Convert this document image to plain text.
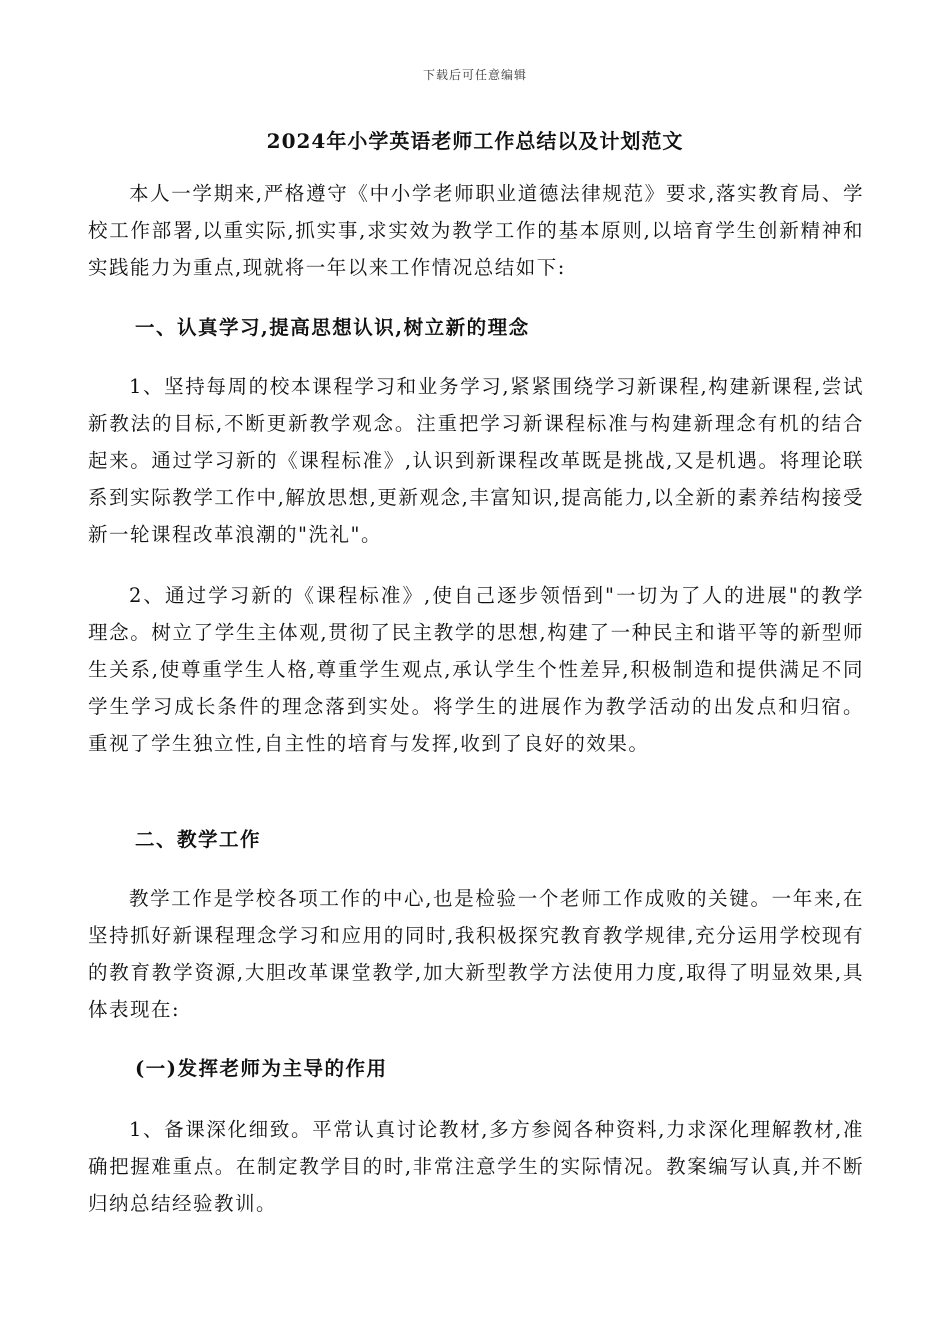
下载后可任意编辑
2024年小学英语老师工作总结以及计划范文

本人一学期来,严格遵守《中小学老师职业道德法律规范》要求,落实教育局、学校工作部署,以重实际,抓实事,求实效为教学工作的基本原则,以培育学生创新精神和实践能力为重点,现就将一年以来工作情况总结如下:

一、认真学习,提高思想认识,树立新的理念

1、坚持每周的校本课程学习和业务学习,紧紧围绕学习新课程,构建新课程,尝试新教法的目标,不断更新教学观念。注重把学习新课程标准与构建新理念有机的结合起来。通过学习新的《课程标准》,认识到新课程改革既是挑战,又是机遇。将理论联系到实际教学工作中,解放思想,更新观念,丰富知识,提高能力,以全新的素养结构接受新一轮课程改革浪潮的"洗礼"。

2、通过学习新的《课程标准》,使自己逐步领悟到"一切为了人的进展"的教学理念。树立了学生主体观,贯彻了民主教学的思想,构建了一种民主和谐平等的新型师生关系,使尊重学生人格,尊重学生观点,承认学生个性差异,积极制造和提供满足不同学生学习成长条件的理念落到实处。将学生的进展作为教学活动的出发点和归宿。重视了学生独立性,自主性的培育与发挥,收到了良好的效果。

二、教学工作

教学工作是学校各项工作的中心,也是检验一个老师工作成败的关键。一年来,在坚持抓好新课程理念学习和应用的同时,我积极探究教育教学规律,充分运用学校现有的教育教学资源,大胆改革课堂教学,加大新型教学方法使用力度,取得了明显效果,具体表现在:

(一)发挥老师为主导的作用

1、备课深化细致。平常认真讨论教材,多方参阅各种资料,力求深化理解教材,准确把握难重点。在制定教学目的时,非常注意学生的实际情况。教案编写认真,并不断归纳总结经验教训。
